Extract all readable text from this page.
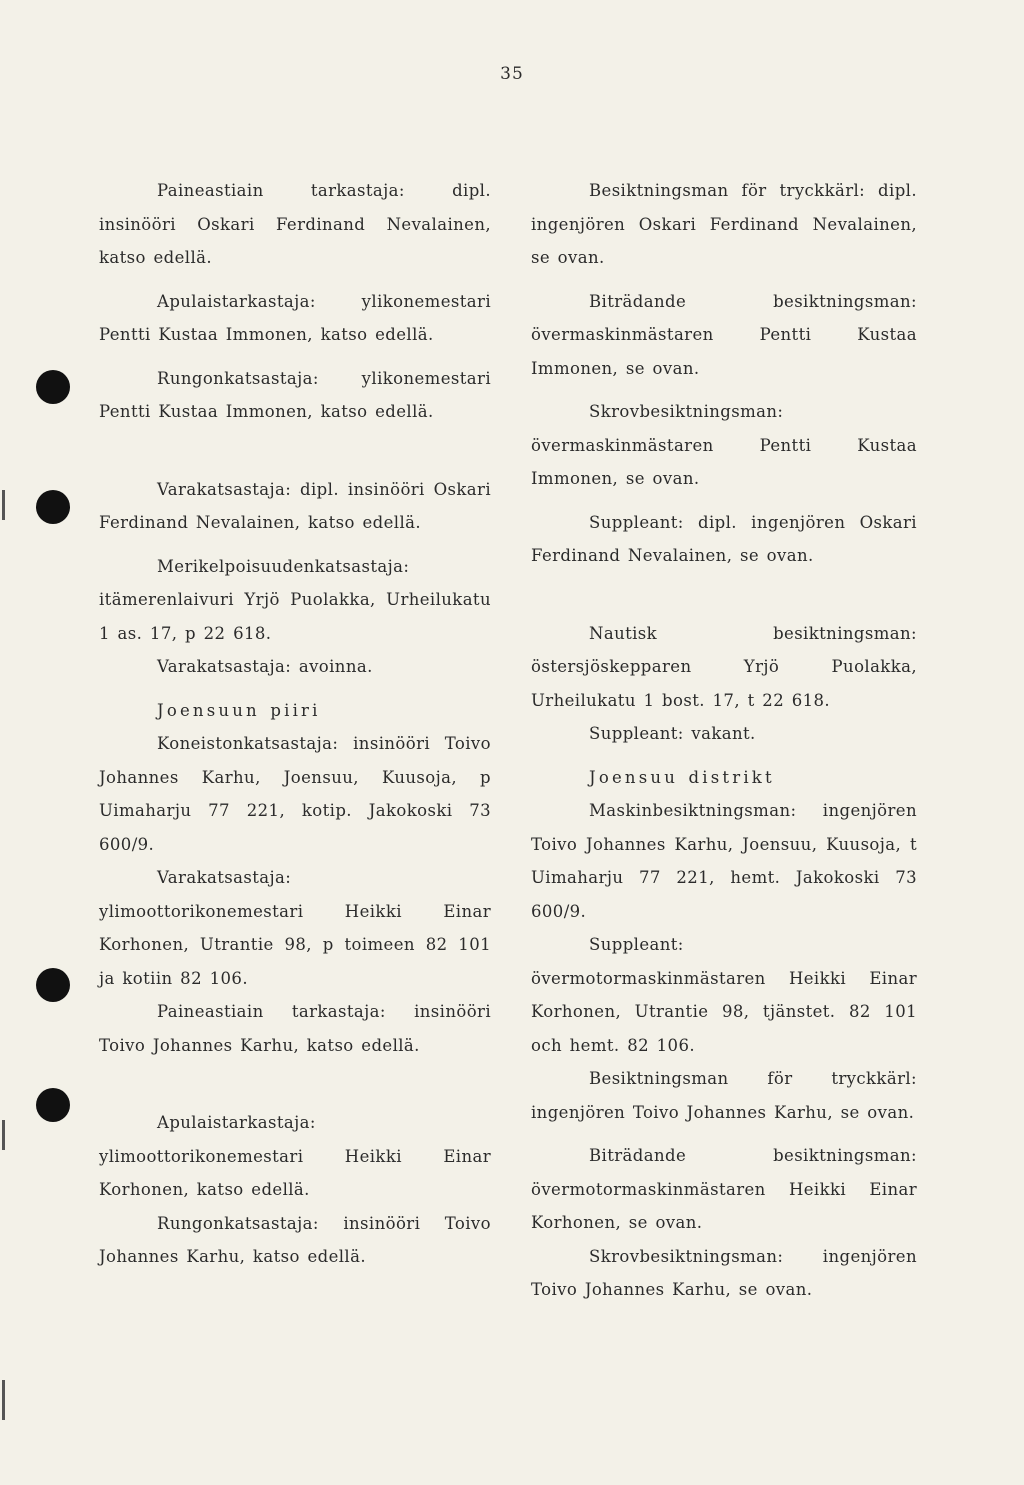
35

Paineastiain tarkastaja: dipl. insinööri Oskari Ferdinand Nevalainen, katso edellä.

Apulaistarkastaja: ylikonemestari Pentti Kustaa Immonen, katso edellä.

Rungonkatsastaja: ylikonemestari Pentti Kustaa Immonen, katso edellä.

Varakatsastaja: dipl. insinööri Oskari Ferdinand Nevalainen, katso edellä.

Merikelpoisuudenkatsastaja: itämerenlaivuri Yrjö Puolakka, Urheilukatu 1 as. 17, p 22 618.

Varakatsastaja: avoinna.

Joensuun piiri

Koneistonkatsastaja: insinööri Toivo Johannes Karhu, Joensuu, Kuusoja, p Uimaharju 77 221, kotip. Jakokoski 73 600/9.

Varakatsastaja: ylimoottorikonemestari Heikki Einar Korhonen, Utrantie 98, p toimeen 82 101 ja kotiin 82 106.

Paineastiain tarkastaja: insinööri Toivo Johannes Karhu, katso edellä.

Apulaistarkastaja: ylimoottorikonemestari Heikki Einar Korhonen, katso edellä.

Rungonkatsastaja: insinööri Toivo Johannes Karhu, katso edellä.

Besiktningsman för tryckkärl: dipl. ingenjören Oskari Ferdinand Nevalainen, se ovan.

Biträdande besiktningsman: övermaskinmästaren Pentti Kustaa Immonen, se ovan.

Skrovbesiktningsman: övermaskinmästaren Pentti Kustaa Immonen, se ovan.

Suppleant: dipl. ingenjören Oskari Ferdinand Nevalainen, se ovan.

Nautisk besiktningsman: östersjöskepparen Yrjö Puolakka, Urheilukatu 1 bost. 17, t 22 618.

Suppleant: vakant.

Joensuu distrikt

Maskinbesiktningsman: ingenjören Toivo Johannes Karhu, Joensuu, Kuusoja, t Uimaharju 77 221, hemt. Jakokoski 73 600/9.

Suppleant: övermotormaskinmästaren Heikki Einar Korhonen, Utrantie 98, tjänstet. 82 101 och hemt. 82 106.

Besiktningsman för tryckkärl: ingenjören Toivo Johannes Karhu, se ovan.

Biträdande besiktningsman: övermotormaskinmästaren Heikki Einar Korhonen, se ovan.

Skrovbesiktningsman: ingenjören Toivo Johannes Karhu, se ovan.
